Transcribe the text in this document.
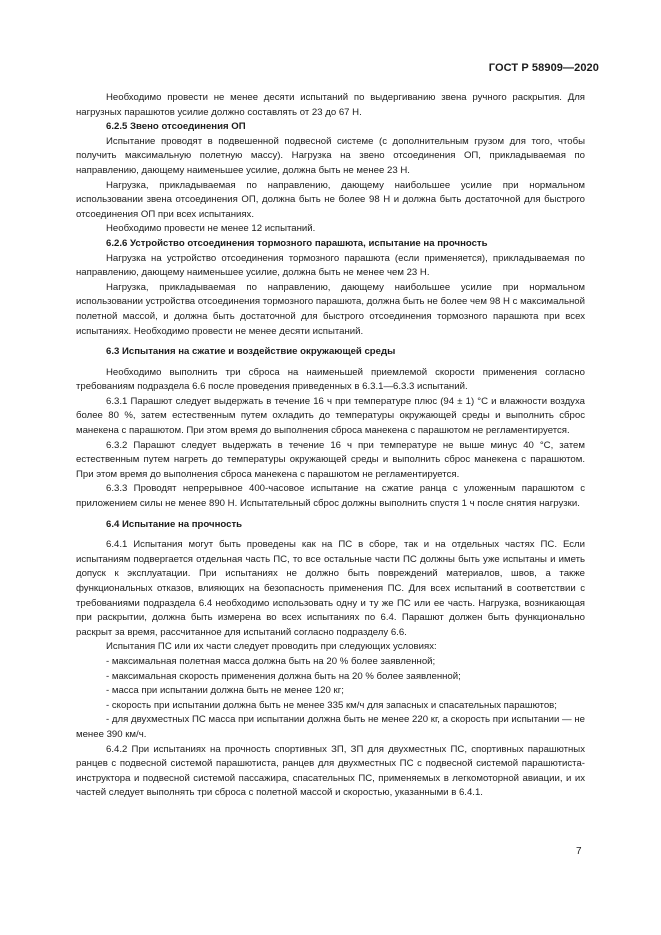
ГОСТ Р 58909—2020

Необходимо провести не менее десяти испытаний по выдергиванию звена ручного раскрытия. Для нагрузных парашютов усилие должно составлять от 23 до 67 Н.

6.2.5 Звено отсоединения ОП

Испытание проводят в подвешенной подвесной системе (с дополнительным грузом для того, чтобы получить максимальную полетную массу). Нагрузка на звено отсоединения ОП, прикладываемая по направлению, дающему наименьшее усилие, должна быть не менее 23 Н.

Нагрузка, прикладываемая по направлению, дающему наибольшее усилие при нормальном использовании звена отсоединения ОП, должна быть не более 98 Н и должна быть достаточной для быстрого отсоединения ОП при всех испытаниях.

Необходимо провести не менее 12 испытаний.

6.2.6 Устройство отсоединения тормозного парашюта, испытание на прочность

Нагрузка на устройство отсоединения тормозного парашюта (если применяется), прикладываемая по направлению, дающему наименьшее усилие, должна быть не менее чем 23 Н.

Нагрузка, прикладываемая по направлению, дающему наибольшее усилие при нормальном использовании устройства отсоединения тормозного парашюта, должна быть не более чем 98 Н с максимальной полетной массой, и должна быть достаточной для быстрого отсоединения тормозного парашюта при всех испытаниях. Необходимо провести не менее десяти испытаний.

6.3 Испытания на сжатие и воздействие окружающей среды

Необходимо выполнить три сброса на наименьшей приемлемой скорости применения согласно требованиям подраздела 6.6 после проведения приведенных в 6.3.1—6.3.3 испытаний.

6.3.1 Парашют следует выдержать в течение 16 ч при температуре плюс (94 ± 1) °С и влажности воздуха более 80 %, затем естественным путем охладить до температуры окружающей среды и выполнить сброс манекена с парашютом. При этом время до выполнения сброса манекена с парашютом не регламентируется.

6.3.2 Парашют следует выдержать в течение 16 ч при температуре не выше минус 40 °С, затем естественным путем нагреть до температуры окружающей среды и выполнить сброс манекена с парашютом. При этом время до выполнения сброса манекена с парашютом не регламентируется.

6.3.3 Проводят непрерывное 400-часовое испытание на сжатие ранца с уложенным парашютом с приложением силы не менее 890 Н. Испытательный сброс должны выполнить спустя 1 ч после снятия нагрузки.

6.4 Испытание на прочность

6.4.1 Испытания могут быть проведены как на ПС в сборе, так и на отдельных частях ПС. Если испытаниям подвергается отдельная часть ПС, то все остальные части ПС должны быть уже испытаны и иметь допуск к эксплуатации. При испытаниях не должно быть повреждений материалов, швов, а также функциональных отказов, влияющих на безопасность применения ПС. Для всех испытаний в соответствии с требованиями подраздела 6.4 необходимо использовать одну и ту же ПС или ее часть. Нагрузка, возникающая при раскрытии, должна быть измерена во всех испытаниях по 6.4. Парашют должен быть функционально раскрыт за время, рассчитанное для испытаний согласно подразделу 6.6.

Испытания ПС или их части следует проводить при следующих условиях:

- максимальная полетная масса должна быть на 20 % более заявленной;

- максимальная скорость применения должна быть на 20 % более заявленной;

- масса при испытании должна быть не менее 120 кг;

- скорость при испытании должна быть не менее 335 км/ч для запасных и спасательных парашютов;

- для двухместных ПС масса при испытании должна быть не менее 220 кг, а скорость при испытании — не менее 390 км/ч.

6.4.2 При испытаниях на прочность спортивных ЗП, ЗП для двухместных ПС, спортивных парашютных ранцев с подвесной системой парашютиста, ранцев для двухместных ПС с подвесной системой парашютиста-инструктора и подвесной системой пассажира, спасательных ПС, применяемых в легкомоторной авиации, и их частей следует выполнять три сброса с полетной массой и скоростью, указанными в 6.4.1.

7
